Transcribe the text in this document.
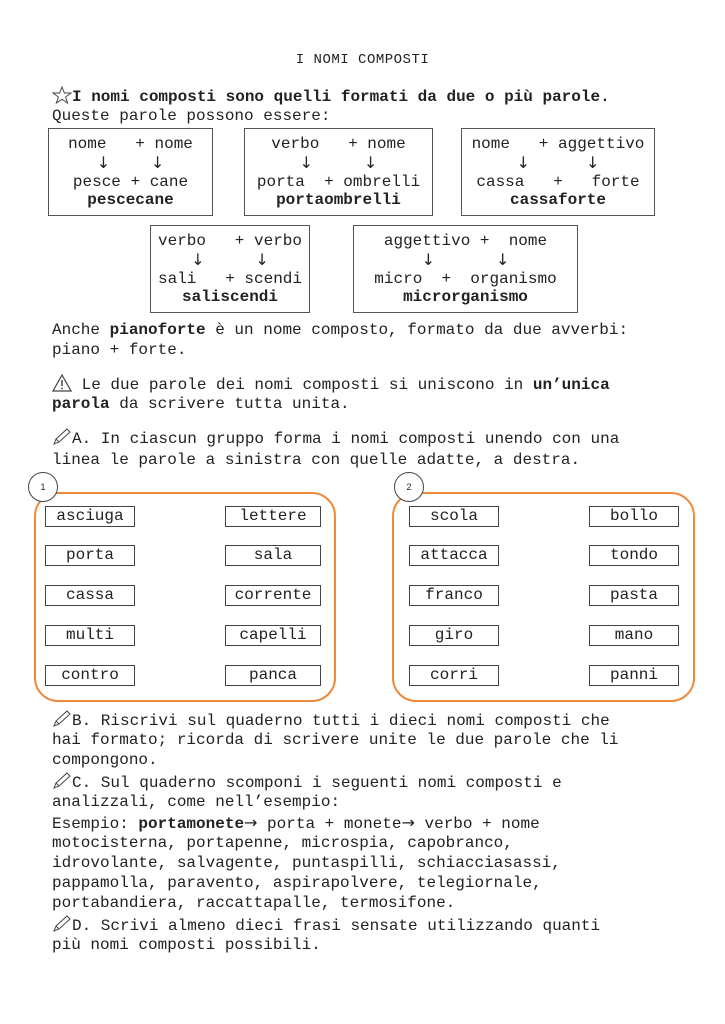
I NOMI COMPOSTI
I nomi composti sono quelli formati da due o più parole.
Queste parole possono essere:
nome   + nome
↓        ↓
pesce + cane
pescecane
verbo   + nome
↓          ↓
porta  + ombrelli
portaombrelli
nome   + aggettivo
↓           ↓
cassa   +   forte
cassaforte
verbo   + verbo
↓          ↓
sali   + scendi
saliscendi
aggettivo +  nome
↓            ↓
micro  +  organismo
microrganismo
Anche pianoforte è un nome composto, formato da due avverbi:
piano + forte.
Le due parole dei nomi composti si uniscono in un’unica
parola da scrivere tutta unita.
A. In ciascun gruppo forma i nomi composti unendo con una
linea le parole a sinistra con quelle adatte, a destra.
1
asciuga
porta
cassa
multi
contro
lettere
sala
corrente
capelli
panca
2
scola
attacca
franco
giro
corri
bollo
tondo
pasta
mano
panni
B. Riscrivi sul quaderno tutti i dieci nomi composti che
hai formato; ricorda di scrivere unite le due parole che li
compongono.
C. Sul quaderno scomponi i seguenti nomi composti e
analizzali, come nell’esempio:
Esempio: portamonete→ porta + monete→ verbo + nome
motocisterna, portapenne, microspia, capobranco,
idrovolante, salvagente, puntaspilli, schiacciasassi,
pappamolla, paravento, aspirapolvere, telegiornale,
portabandiera, raccattapalle, termosifone.
D. Scrivi almeno dieci frasi sensate utilizzando quanti
più nomi composti possibili.
